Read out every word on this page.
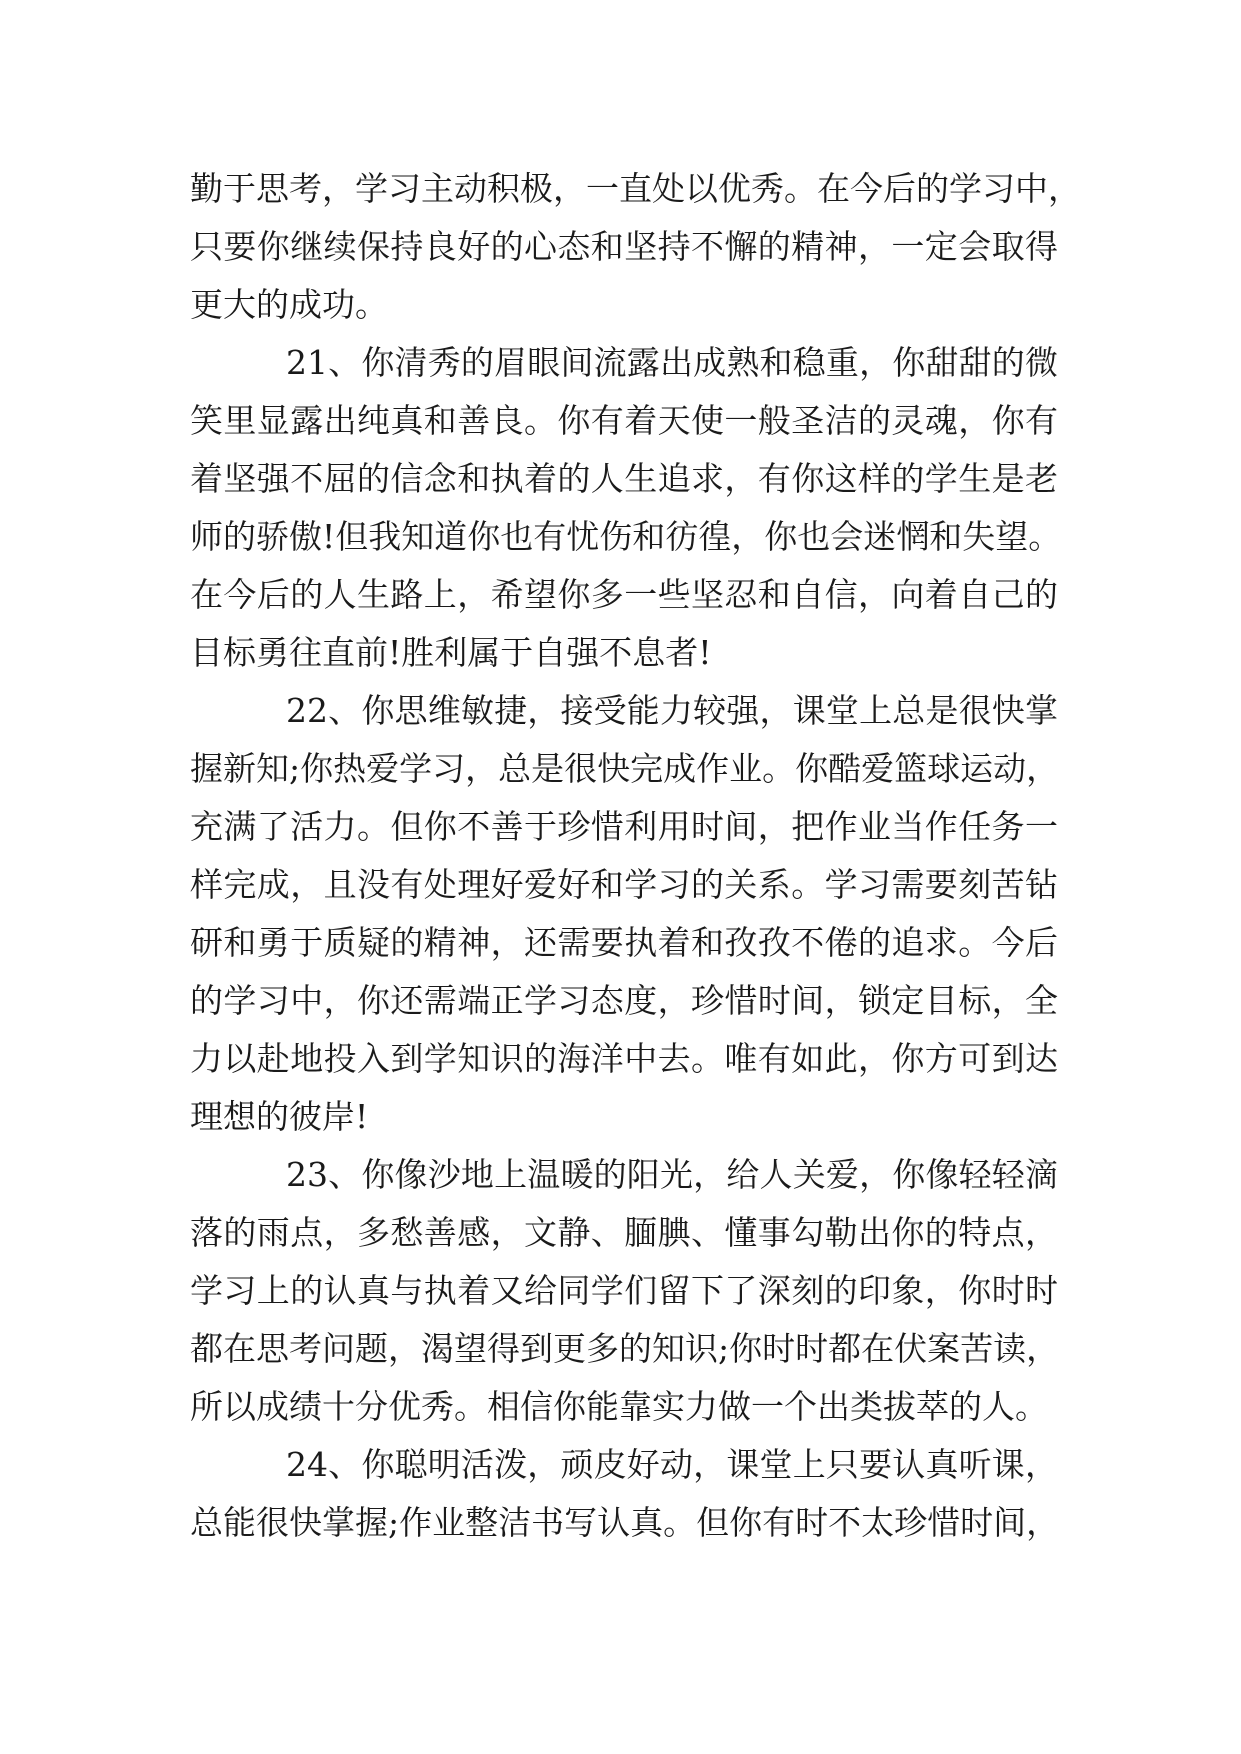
勤于思考，学习主动积极，一直处以优秀。在今后的学习中，
只要你继续保持良好的心态和坚持不懈的精神，一定会取得
更大的成功。
21、你清秀的眉眼间流露出成熟和稳重，你甜甜的微
笑里显露出纯真和善良。你有着天使一般圣洁的灵魂，你有
着坚强不屈的信念和执着的人生追求，有你这样的学生是老
师的骄傲!但我知道你也有忧伤和彷徨，你也会迷惘和失望。
在今后的人生路上，希望你多一些坚忍和自信，向着自己的
目标勇往直前!胜利属于自强不息者!
22、你思维敏捷，接受能力较强，课堂上总是很快掌
握新知;你热爱学习，总是很快完成作业。你酷爱篮球运动，
充满了活力。但你不善于珍惜利用时间，把作业当作任务一
样完成，且没有处理好爱好和学习的关系。学习需要刻苦钻
研和勇于质疑的精神，还需要执着和孜孜不倦的追求。今后
的学习中，你还需端正学习态度，珍惜时间，锁定目标，全
力以赴地投入到学知识的海洋中去。唯有如此，你方可到达
理想的彼岸!
23、你像沙地上温暖的阳光，给人关爱，你像轻轻滴
落的雨点，多愁善感，文静、腼腆、懂事勾勒出你的特点，
学习上的认真与执着又给同学们留下了深刻的印象，你时时
都在思考问题，渴望得到更多的知识;你时时都在伏案苦读，
所以成绩十分优秀。相信你能靠实力做一个出类拔萃的人。
24、你聪明活泼，顽皮好动，课堂上只要认真听课，
总能很快掌握;作业整洁书写认真。但你有时不太珍惜时间，
